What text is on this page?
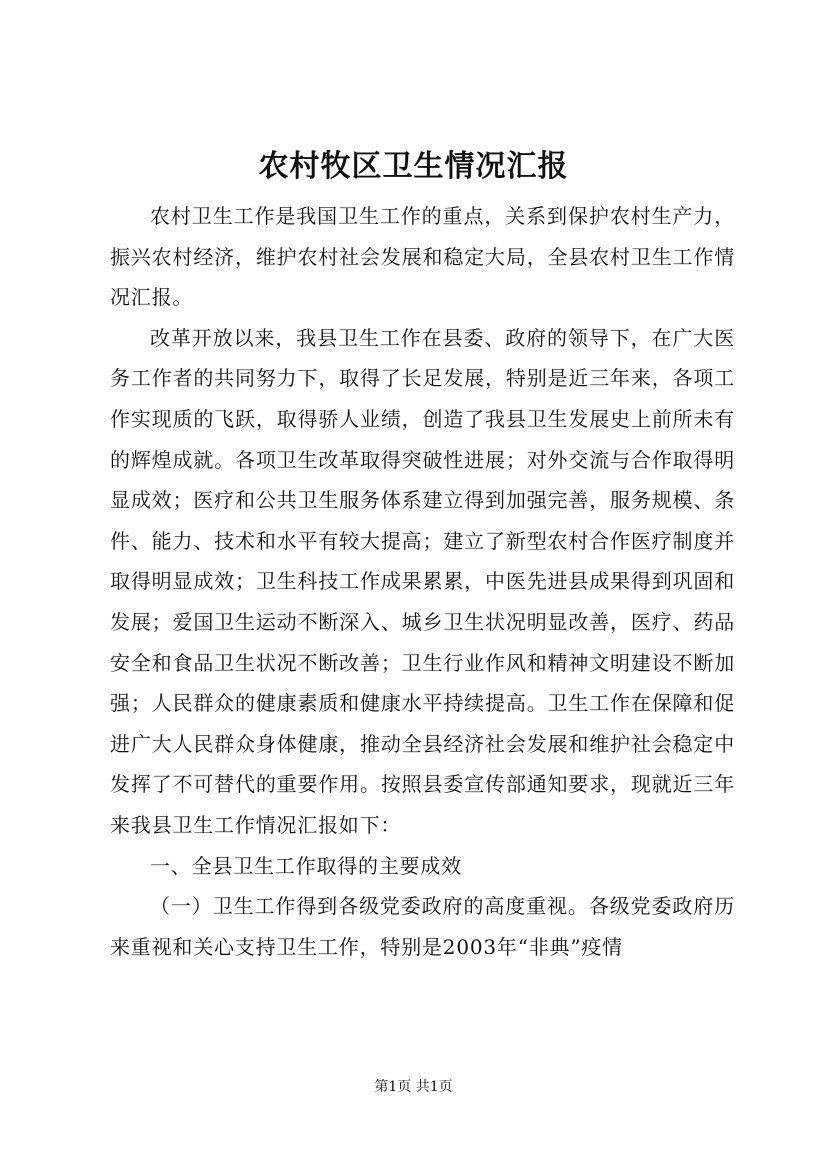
农村牧区卫生情况汇报

农村卫生工作是我国卫生工作的重点，关系到保护农村生产力，振兴农村经济，维护农村社会发展和稳定大局，全县农村卫生工作情况汇报。

改革开放以来，我县卫生工作在县委、政府的领导下，在广大医务工作者的共同努力下，取得了长足发展，特别是近三年来，各项工作实现质的飞跃，取得骄人业绩，创造了我县卫生发展史上前所未有的辉煌成就。各项卫生改革取得突破性进展；对外交流与合作取得明显成效；医疗和公共卫生服务体系建立得到加强完善，服务规模、条件、能力、技术和水平有较大提高；建立了新型农村合作医疗制度并取得明显成效；卫生科技工作成果累累，中医先进县成果得到巩固和发展；爱国卫生运动不断深入、城乡卫生状况明显改善，医疗、药品安全和食品卫生状况不断改善；卫生行业作风和精神文明建设不断加强；人民群众的健康素质和健康水平持续提高。卫生工作在保障和促进广大人民群众身体健康，推动全县经济社会发展和维护社会稳定中发挥了不可替代的重要作用。按照县委宣传部通知要求，现就近三年来我县卫生工作情况汇报如下：

一、全县卫生工作取得的主要成效

（一）卫生工作得到各级党委政府的高度重视。各级党委政府历来重视和关心支持卫生工作，特别是2003年“非典”疫情

第1页 共1页
